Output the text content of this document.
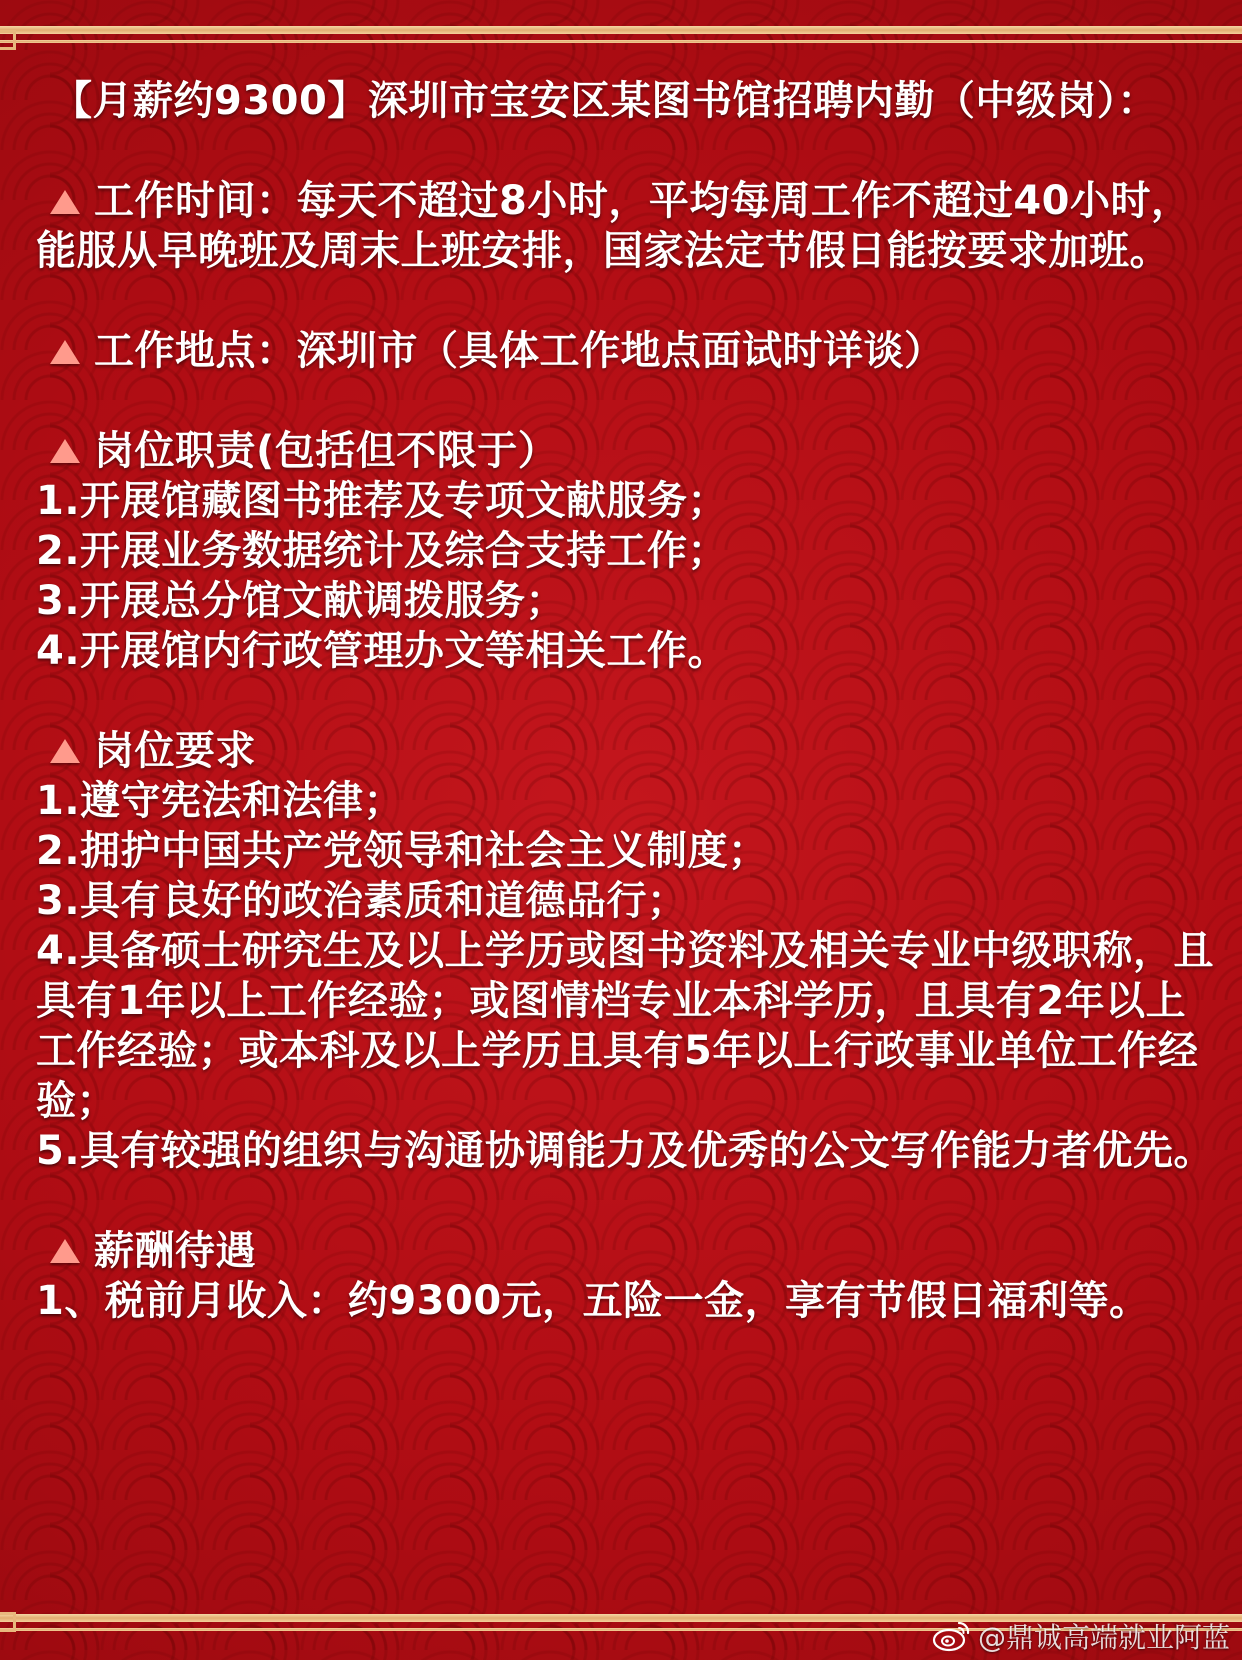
【月薪约9300】深圳市宝安区某图书馆招聘内勤（中级岗）：

工作时间：每天不超过8小时，平均每周工作不超过40小时，能服从早晚班及周末上班安排，国家法定节假日能按要求加班。

工作地点：深圳市（具体工作地点面试时详谈）

岗位职责(包括但不限于）

1.开展馆藏图书推荐及专项文献服务；

2.开展业务数据统计及综合支持工作；

3.开展总分馆文献调拨服务；

4.开展馆内行政管理办文等相关工作。

岗位要求

1.遵守宪法和法律；

2.拥护中国共产党领导和社会主义制度；

3.具有良好的政治素质和道德品行；

4.具备硕士研究生及以上学历或图书资料及相关专业中级职称，且具有1年以上工作经验；或图情档专业本科学历，且具有2年以上工作经验；或本科及以上学历且具有5年以上行政事业单位工作经验；

5.具有较强的组织与沟通协调能力及优秀的公文写作能力者优先。

薪酬待遇

1、税前月收入：约9300元，五险一金，享有节假日福利等。

@鼎诚高端就业阿蓝
